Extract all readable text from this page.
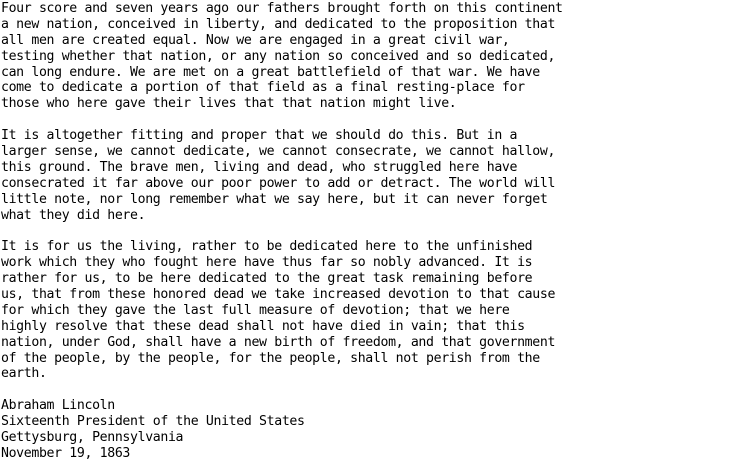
Four score and seven years ago our fathers brought forth on this continent
a new nation, conceived in liberty, and dedicated to the proposition that
all men are created equal. Now we are engaged in a great civil war,
testing whether that nation, or any nation so conceived and so dedicated,
can long endure. We are met on a great battlefield of that war. We have
come to dedicate a portion of that field as a final resting-place for
those who here gave their lives that that nation might live.
It is altogether fitting and proper that we should do this. But in a
larger sense, we cannot dedicate, we cannot consecrate, we cannot hallow,
this ground. The brave men, living and dead, who struggled here have
consecrated it far above our poor power to add or detract. The world will
little note, nor long remember what we say here, but it can never forget
what they did here.
It is for us the living, rather to be dedicated here to the unfinished
work which they who fought here have thus far so nobly advanced. It is
rather for us, to be here dedicated to the great task remaining before
us, that from these honored dead we take increased devotion to that cause
for which they gave the last full measure of devotion; that we here
highly resolve that these dead shall not have died in vain; that this
nation, under God, shall have a new birth of freedom, and that government
of the people, by the people, for the people, shall not perish from the
earth.
Abraham Lincoln
Sixteenth President of the United States
Gettysburg, Pennsylvania
November 19, 1863
